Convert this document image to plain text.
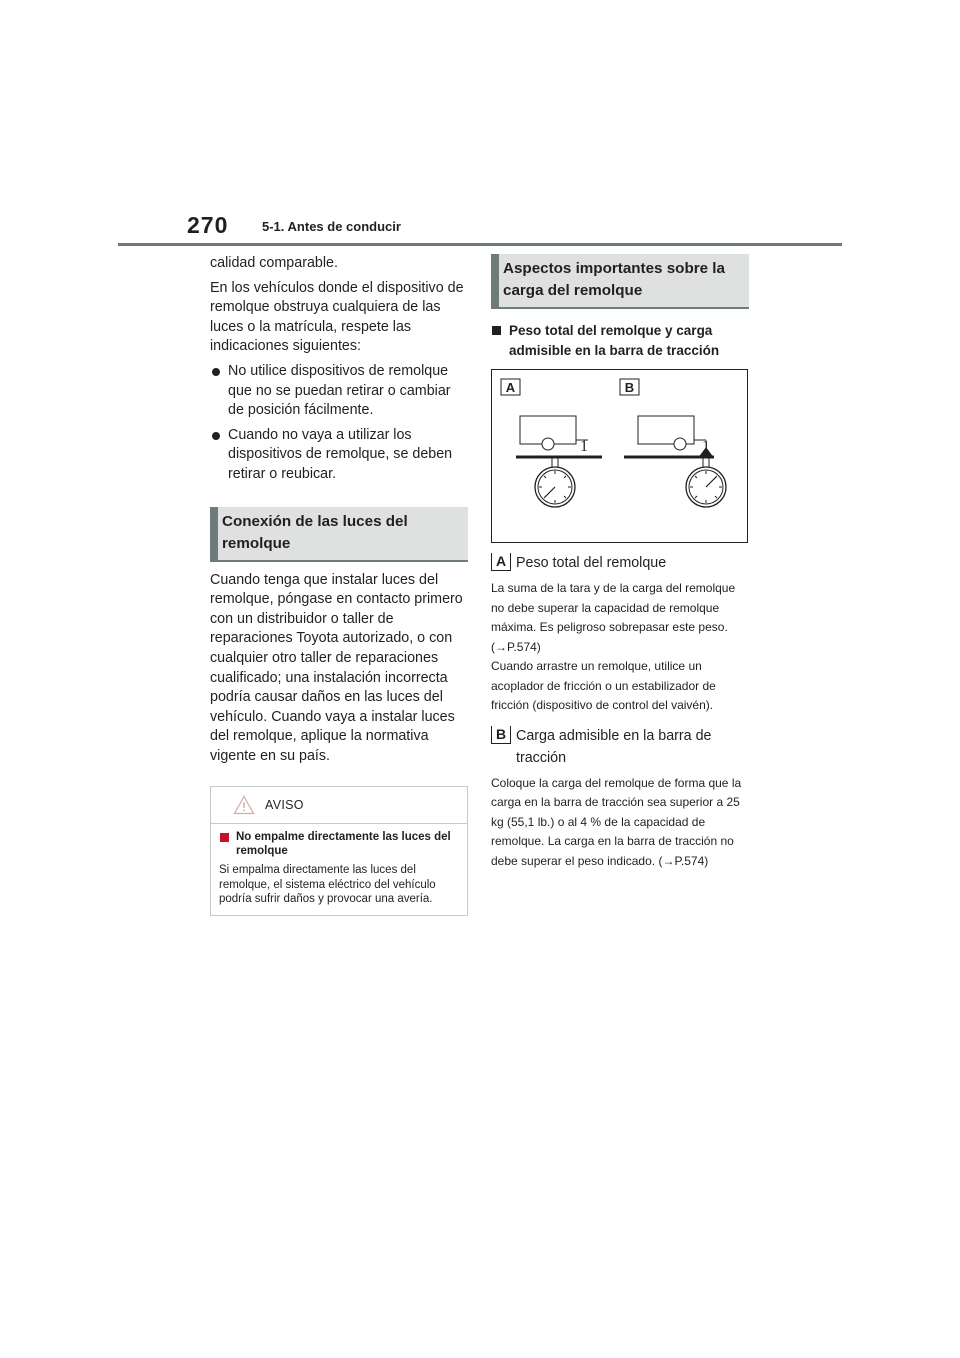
270	5-1. Antes de conducir

calidad comparable.

En los vehículos donde el dispositivo de remolque obstruya cualquiera de las luces o la matrícula, respete las indicaciones siguientes:

No utilice dispositivos de remolque que no se puedan retirar o cambiar de posición fácilmente.

Cuando no vaya a utilizar los dispositivos de remolque, se deben retirar o reubicar.

Conexión de las luces del remolque

Cuando tenga que instalar luces del remolque, póngase en contacto primero con un distribuidor o taller de reparaciones Toyota autorizado, o con cualquier otro taller de reparaciones cualificado; una instalación incorrecta podría causar daños en las luces del vehículo. Cuando vaya a instalar luces del remolque, aplique la normativa vigente en su país.

AVISO
No empalme directamente las luces del remolque
Si empalma directamente las luces del remolque, el sistema eléctrico del vehículo podría sufrir daños y provocar una avería.
Aspectos importantes sobre la carga del remolque
Peso total del remolque y carga admisible en la barra de tracción
A
1
B
1
A Peso total del remolque

La suma de la tara y de la carga del remolque no debe superar la capacidad de remolque máxima. Es peligroso sobrepasar este peso. (→P.574)

Cuando arrastre un remolque, utilice un acoplador de fricción o un estabilizador de fricción (dispositivo de control del vaivén).

B Carga admisible en la barra de tracción

Coloque la carga del remolque de forma que la carga en la barra de tracción sea superior a 25 kg (55,1 lb.) o al 4 % de la capacidad de remolque. La carga en la barra de tracción no debe superar el peso indicado. (→P.574)
